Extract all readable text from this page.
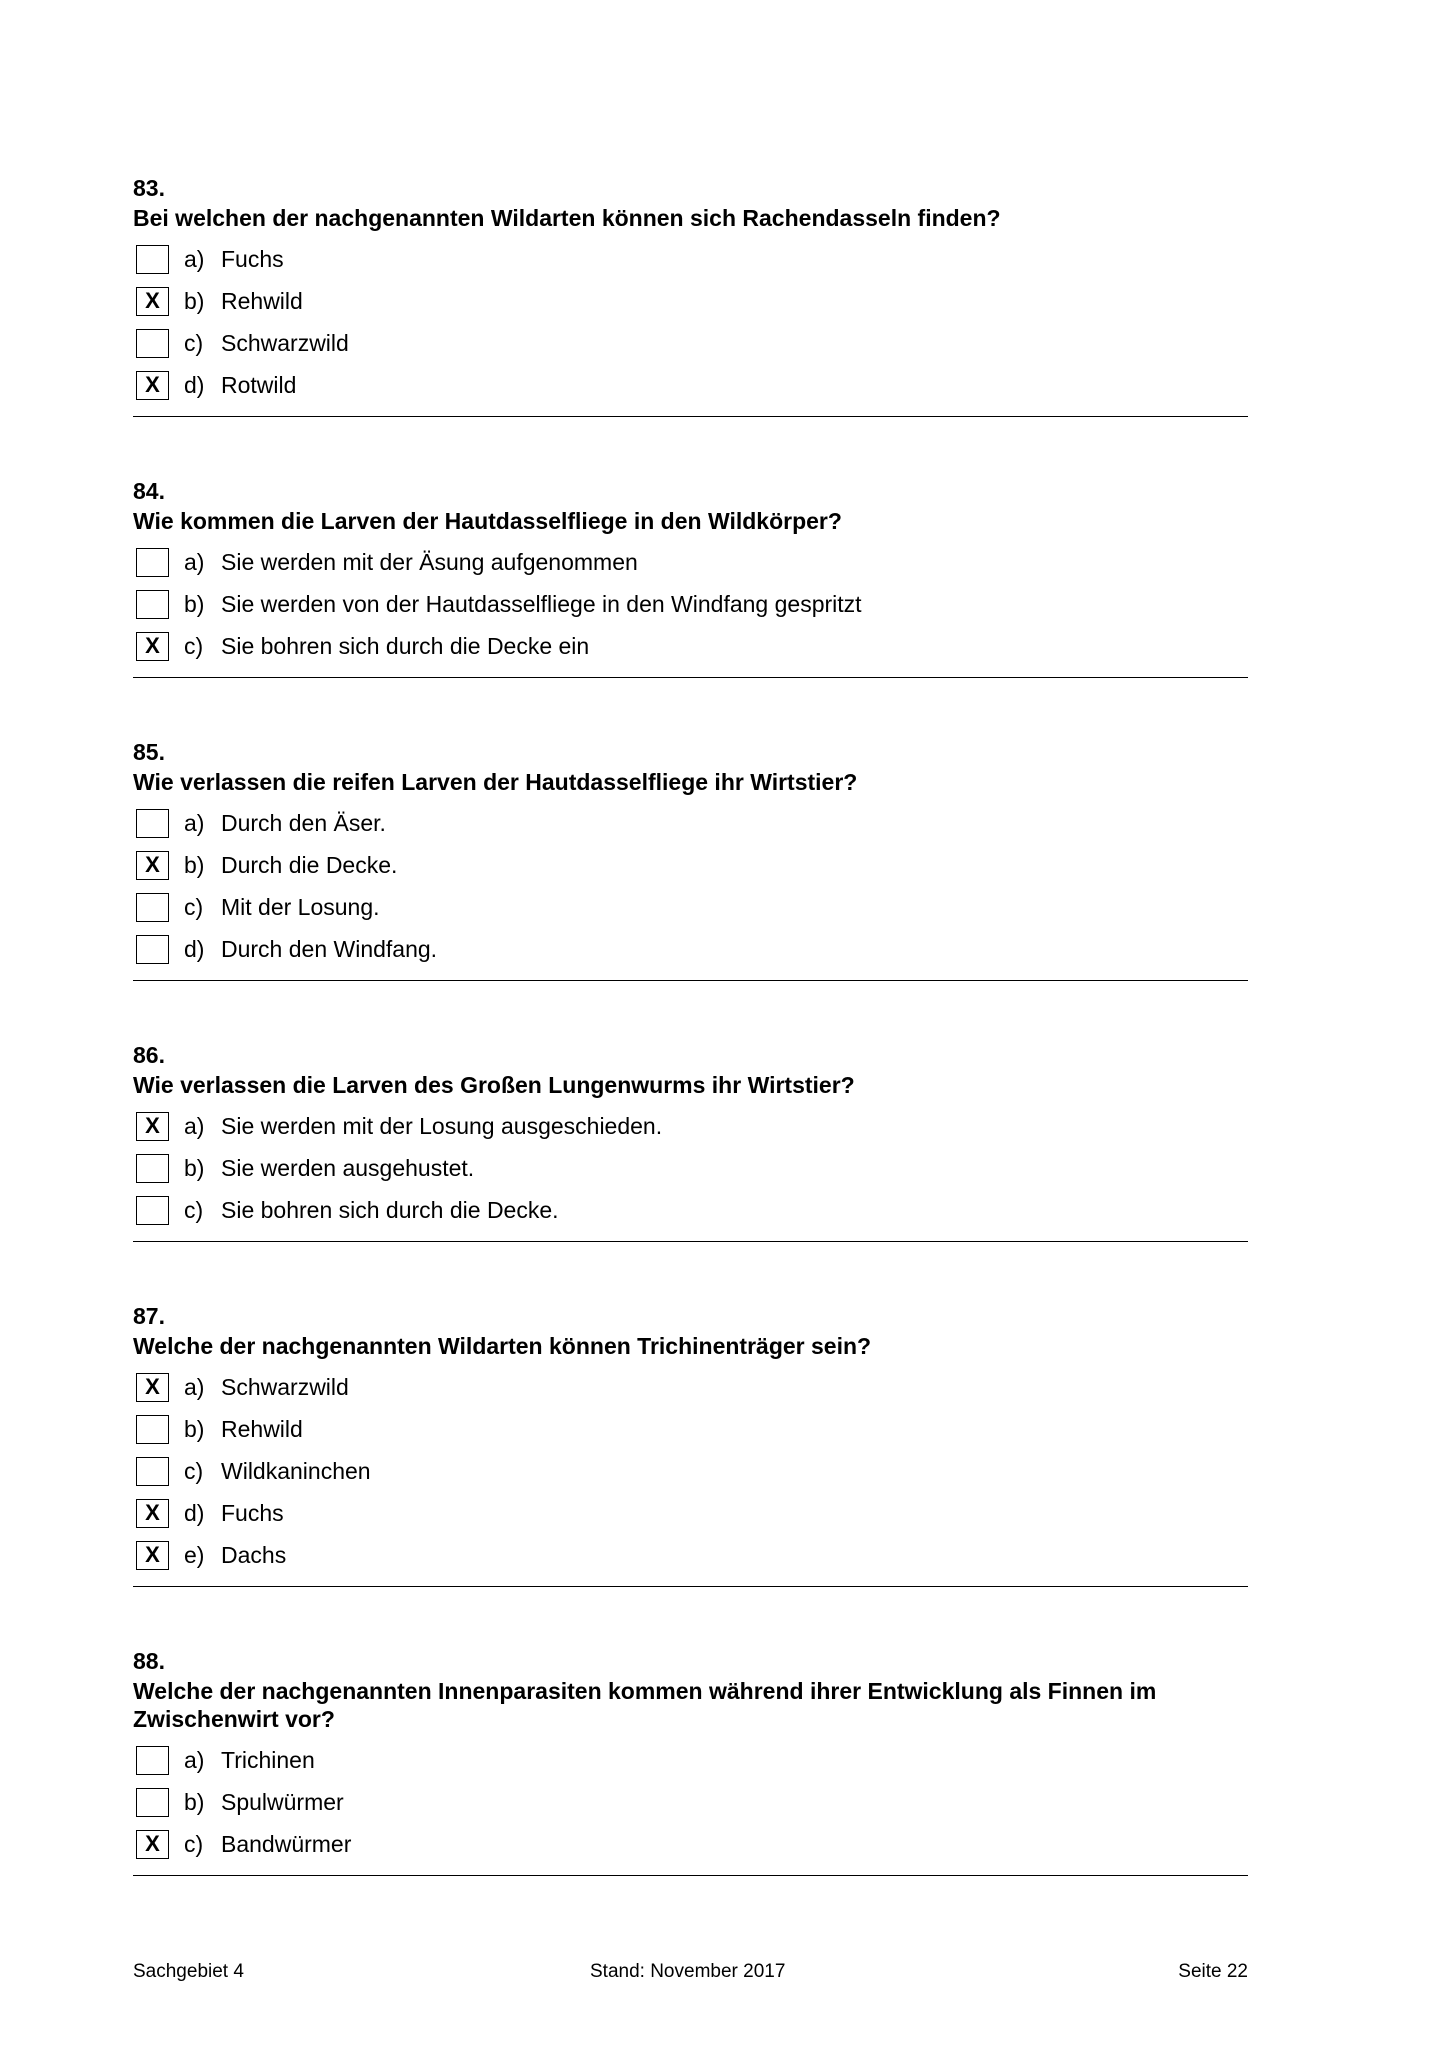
83.
Bei welchen der nachgenannten Wildarten können sich Rachendasseln finden?
a) Fuchs
X	b) Rehwild
c) Schwarzwild
X	d) Rotwild
84.
Wie kommen die Larven der Hautdasselfliege in den Wildkörper?
a) Sie werden mit der Äsung aufgenommen
b) Sie werden von der Hautdasselfliege in den Windfang gespritzt
X	c) Sie bohren sich durch die Decke ein
85.
Wie verlassen die reifen Larven der Hautdasselfliege ihr Wirtstier?
a) Durch den Äser.
X	b) Durch die Decke.
c) Mit der Losung.
d) Durch den Windfang.
86.
Wie verlassen die Larven des Großen Lungenwurms ihr Wirtstier?
X	a) Sie werden mit der Losung ausgeschieden.
b) Sie werden ausgehustet.
c) Sie bohren sich durch die Decke.
87.
Welche der nachgenannten Wildarten können Trichinenträger sein?
X	a) Schwarzwild
b) Rehwild
c) Wildkaninchen
X	d) Fuchs
X	e) Dachs
88.
Welche der nachgenannten Innenparasiten kommen während ihrer Entwicklung als Finnen im Zwischenwirt vor?
a) Trichinen
b) Spulwürmer
X	c) Bandwürmer
Sachgebiet 4	Stand: November 2017	Seite 22
